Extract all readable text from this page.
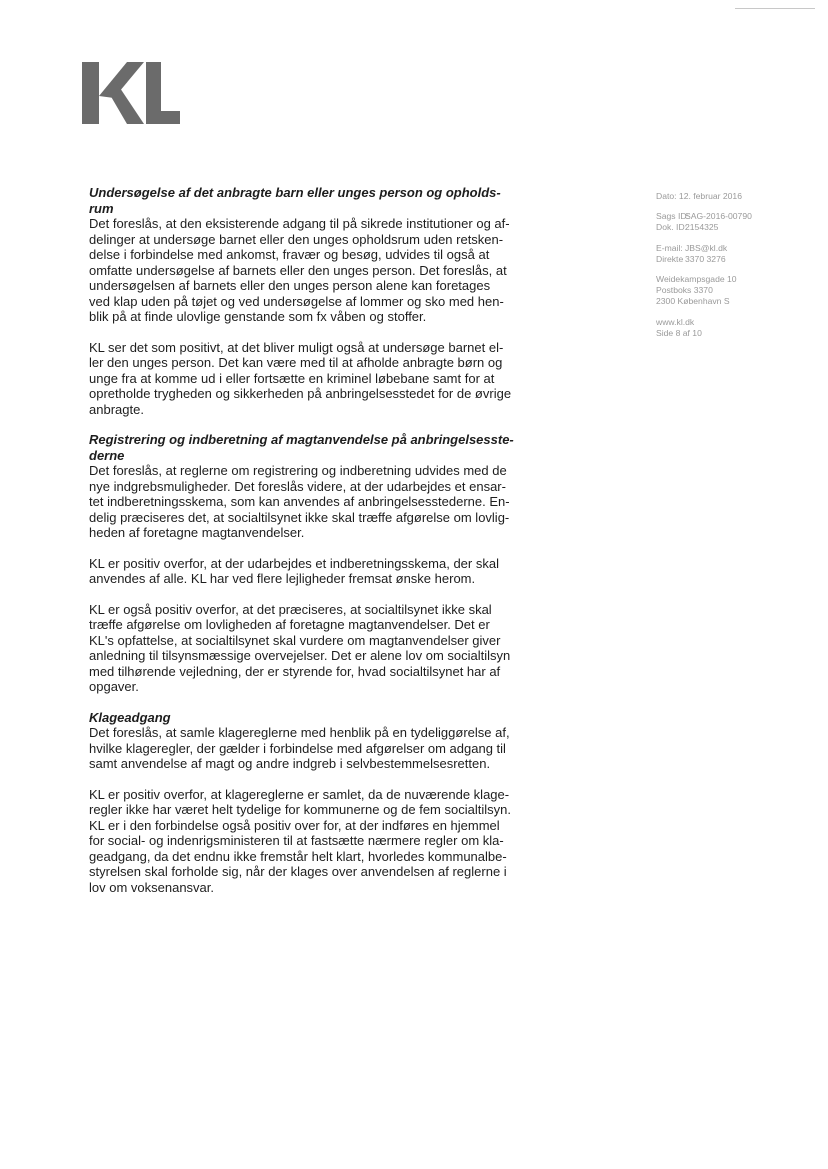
Dato: 12. februar 2016
Sags ID:
SAG-2016-00790
Dok. ID:
2154325
E-mail: JBS@kl.dk
Direkte 3370 3276
Weidekampsgade 10
Postboks 3370
2300 København S
www.kl.dk
Side 8 af 10
Undersøgelse af det anbragte barn eller unges person og opholds-
rum
Det foreslås, at den eksisterende adgang til på sikrede institutioner og af-
delinger at undersøge barnet eller den unges opholdsrum uden retsken-
delse i forbindelse med ankomst, fravær og besøg, udvides til også at
omfatte undersøgelse af barnets eller den unges person. Det foreslås, at
undersøgelsen af barnets eller den unges person alene kan foretages
ved klap uden på tøjet og ved undersøgelse af lommer og sko med hen-
blik på at finde ulovlige genstande som fx våben og stoffer.
KL ser det som positivt, at det bliver muligt også at undersøge barnet el-
ler den unges person. Det kan være med til at afholde anbragte børn og
unge fra at komme ud i eller fortsætte en kriminel løbebane samt for at
opretholde trygheden og sikkerheden på anbringelsesstedet for de øvrige
anbragte.
Registrering og indberetning af magtanvendelse på anbringelsesste-
derne
Det foreslås, at reglerne om registrering og indberetning udvides med de
nye indgrebsmuligheder. Det foreslås videre, at der udarbejdes et ensar-
tet indberetningsskema, som kan anvendes af anbringelsesstederne. En-
delig præciseres det, at socialtilsynet ikke skal træffe afgørelse om lovlig-
heden af foretagne magtanvendelser.
KL er positiv overfor, at der udarbejdes et indberetningsskema, der skal
anvendes af alle. KL har ved flere lejligheder fremsat ønske herom.
KL er også positiv overfor, at det præciseres, at socialtilsynet ikke skal
træffe afgørelse om lovligheden af foretagne magtanvendelser. Det er
KL's opfattelse, at socialtilsynet skal vurdere om magtanvendelser giver
anledning til tilsynsmæssige overvejelser. Det er alene lov om socialtilsyn
med tilhørende vejledning, der er styrende for, hvad socialtilsynet har af
opgaver.
Klageadgang
Det foreslås, at samle klagereglerne med henblik på en tydeliggørelse af,
hvilke klageregler, der gælder i forbindelse med afgørelser om adgang til
samt anvendelse af magt og andre indgreb i selvbestemmelsesretten.
KL er positiv overfor, at klagereglerne er samlet, da de nuværende klage-
regler ikke har været helt tydelige for kommunerne og de fem socialtilsyn.
KL er i den forbindelse også positiv over for, at der indføres en hjemmel
for social- og indenrigsministeren til at fastsætte nærmere regler om kla-
geadgang, da det endnu ikke fremstår helt klart, hvorledes kommunalbe-
styrelsen skal forholde sig, når der klages over anvendelsen af reglerne i
lov om voksenansvar.
